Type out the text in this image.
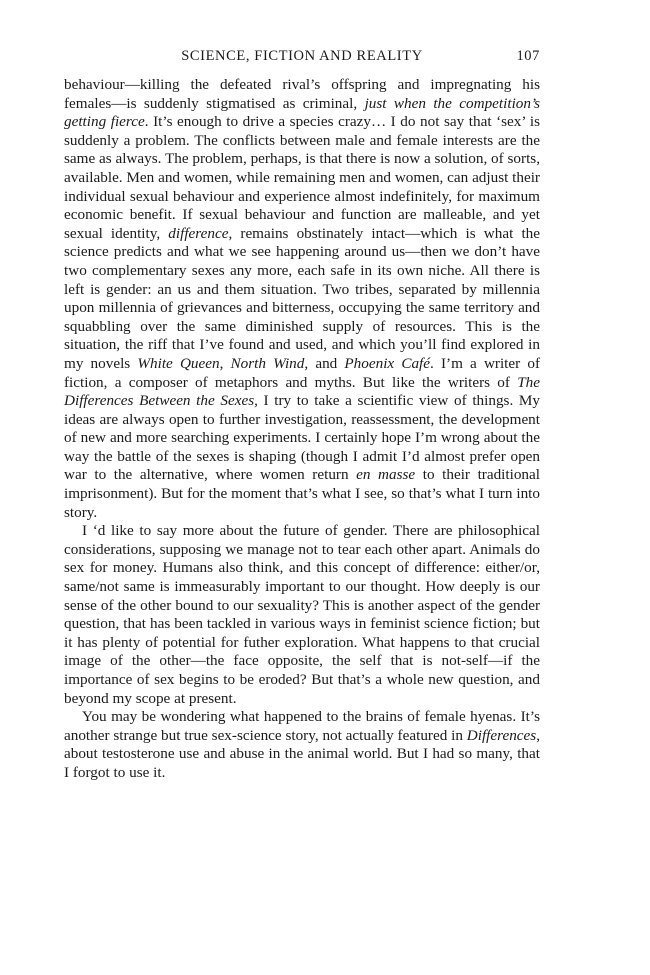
SCIENCE, FICTION AND REALITY	107

behaviour—killing the defeated rival’s offspring and impregnating his females—is suddenly stigmatised as criminal, just when the competition’s getting fierce. It’s enough to drive a species crazy… I do not say that ‘sex’ is suddenly a problem. The conflicts between male and female interests are the same as always. The problem, perhaps, is that there is now a solution, of sorts, available. Men and women, while remaining men and women, can adjust their individual sexual behaviour and experience almost indefinitely, for maximum economic benefit. If sexual behaviour and function are malleable, and yet sexual identity, difference, remains obstinately intact—which is what the science predicts and what we see happening around us—then we don’t have two complementary sexes any more, each safe in its own niche. All there is left is gender: an us and them situation. Two tribes, separated by millennia upon millennia of grievances and bitterness, occupying the same territory and squabbling over the same diminished supply of resources. This is the situation, the riff that I’ve found and used, and which you’ll find explored in my novels White Queen, North Wind, and Phoenix Café. I’m a writer of fiction, a composer of metaphors and myths. But like the writers of The Differences Between the Sexes, I try to take a scientific view of things. My ideas are always open to further investigation, reassessment, the development of new and more searching experiments. I certainly hope I’m wrong about the way the battle of the sexes is shaping (though I admit I’d almost prefer open war to the alternative, where women return en masse to their traditional imprisonment). But for the moment that’s what I see, so that’s what I turn into story.

I ‘d like to say more about the future of gender. There are philosophical considerations, supposing we manage not to tear each other apart. Animals do sex for money. Humans also think, and this concept of difference: either/or, same/not same is immeasurably important to our thought. How deeply is our sense of the other bound to our sexuality? This is another aspect of the gender question, that has been tackled in various ways in feminist science fiction; but it has plenty of potential for futher exploration. What happens to that crucial image of the other—the face opposite, the self that is not-self—if the importance of sex begins to be eroded? But that’s a whole new question, and beyond my scope at present.

You may be wondering what happened to the brains of female hyenas. It’s another strange but true sex-science story, not actually featured in Differences, about testosterone use and abuse in the animal world. But I had so many, that I forgot to use it.
